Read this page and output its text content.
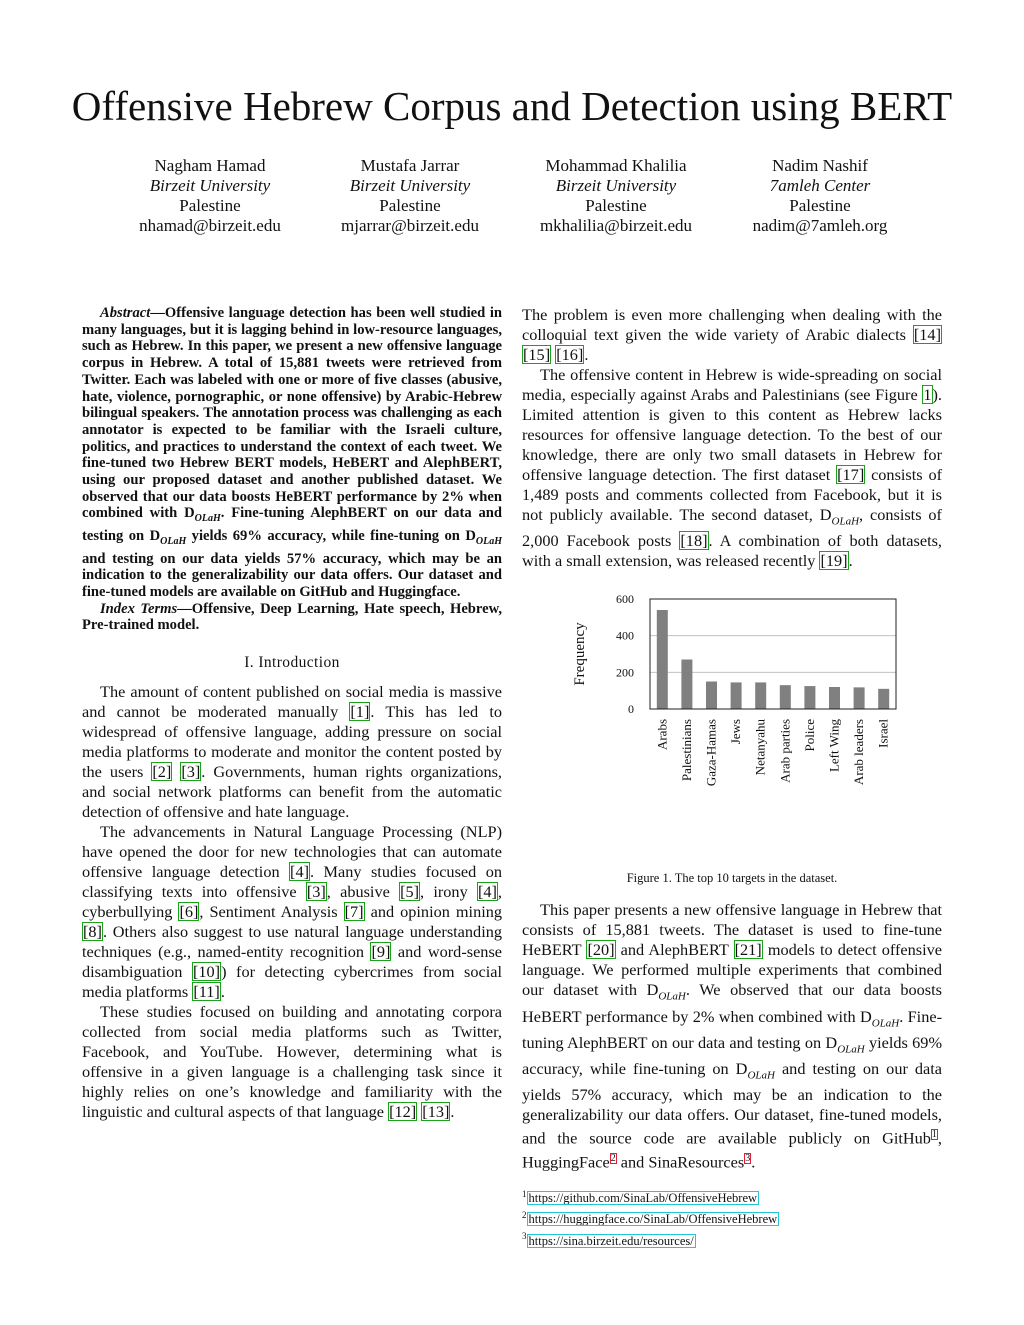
Offensive Hebrew Corpus and Detection using BERT
Nagham Hamad
Birzeit University
Palestine
nhamad@birzeit.edu
Mustafa Jarrar
Birzeit University
Palestine
mjarrar@birzeit.edu
Mohammad Khalilia
Birzeit University
Palestine
mkhalilia@birzeit.edu
Nadim Nashif
7amleh Center
Palestine
nadim@7amleh.org

Abstract—Offensive language detection has been well studied in many languages, but it is lagging behind in low-resource languages, such as Hebrew. In this paper, we present a new offensive language corpus in Hebrew. A total of 15,881 tweets were retrieved from Twitter. Each was labeled with one or more of five classes (abusive, hate, violence, pornographic, or none offensive) by Arabic-Hebrew bilingual speakers. The annotation process was challenging as each annotator is expected to be familiar with the Israeli culture, politics, and practices to understand the context of each tweet. We fine-tuned two Hebrew BERT models, HeBERT and AlephBERT, using our proposed dataset and another published dataset. We observed that our data boosts HeBERT performance by 2% when combined with $D_{OLaH}$. Fine-tuning AlephBERT on our data and testing on $D_{OLaH}$ yields 69% accuracy, while fine-tuning on $D_{OLaH}$ and testing on our data yields 57% accuracy, which may be an indication to the generalizability our data offers. Our dataset and fine-tuned models are available on GitHub and Huggingface.

Index Terms—Offensive, Deep Learning, Hate speech, Hebrew, Pre-trained model.

I. Introduction

The amount of content published on social media is massive and cannot be moderated manually [1]. This has led to widespread of offensive language, adding pressure on social media platforms to moderate and monitor the content posted by the users [2] [3]. Governments, human rights organizations, and social network platforms can benefit from the automatic detection of offensive and hate language.

The advancements in Natural Language Processing (NLP) have opened the door for new technologies that can automate offensive language detection [4]. Many studies focused on classifying texts into offensive [3], abusive [5], irony [4], cyberbullying [6], Sentiment Analysis [7] and opinion mining [8]. Others also suggest to use natural language understanding techniques (e.g., named-entity recognition [9] and word-sense disambiguation [10]) for detecting cybercrimes from social media platforms [11].

These studies focused on building and annotating corpora collected from social media platforms such as Twitter, Facebook, and YouTube. However, determining what is offensive in a given language is a challenging task since it highly relies on one’s knowledge and familiarity with the linguistic and cultural aspects of that language [12] [13].

The problem is even more challenging when dealing with the colloquial text given the wide variety of Arabic dialects [14] [15] [16].

The offensive content in Hebrew is wide-spreading on social media, especially against Arabs and Palestinians (see Figure 1). Limited attention is given to this content as Hebrew lacks resources for offensive language detection. To the best of our knowledge, there are only two small datasets in Hebrew for offensive language detection. The first dataset [17] consists of 1,489 posts and comments collected from Facebook, but it is not publicly available. The second dataset, $D_{OLaH}$, consists of 2,000 Facebook posts [18]. A combination of both datasets, with a small extension, was released recently [19].

0
200
400
600
Arabs Palestinians Gaza-Hamas Jews Netanyahu Arab parties Police Left Wing Arab leaders Israel
Frequency

Figure 1. The top 10 targets in the dataset.

This paper presents a new offensive language in Hebrew that consists of 15,881 tweets. The dataset is used to fine-tune HeBERT [20] and AlephBERT [21] models to detect offensive language. We performed multiple experiments that combined our dataset with $D_{OLaH}$. We observed that our data boosts HeBERT performance by 2% when combined with $D_{OLaH}$. Fine-tuning AlephBERT on our data and testing on $D_{OLaH}$ yields 69% accuracy, while fine-tuning on $D_{OLaH}$ and testing on our data yields 57% accuracy, which may be an indication to the generalizability our data offers. Our dataset, fine-tuned models, and the source code are available publicly on GitHub$^1$, HuggingFace$^2$ and SinaResources$^3$.

$^1$ https://github.com/SinaLab/OffensiveHebrew
$^2$ https://huggingface.co/SinaLab/OffensiveHebrew
$^3$ https://sina.birzeit.edu/resources/
